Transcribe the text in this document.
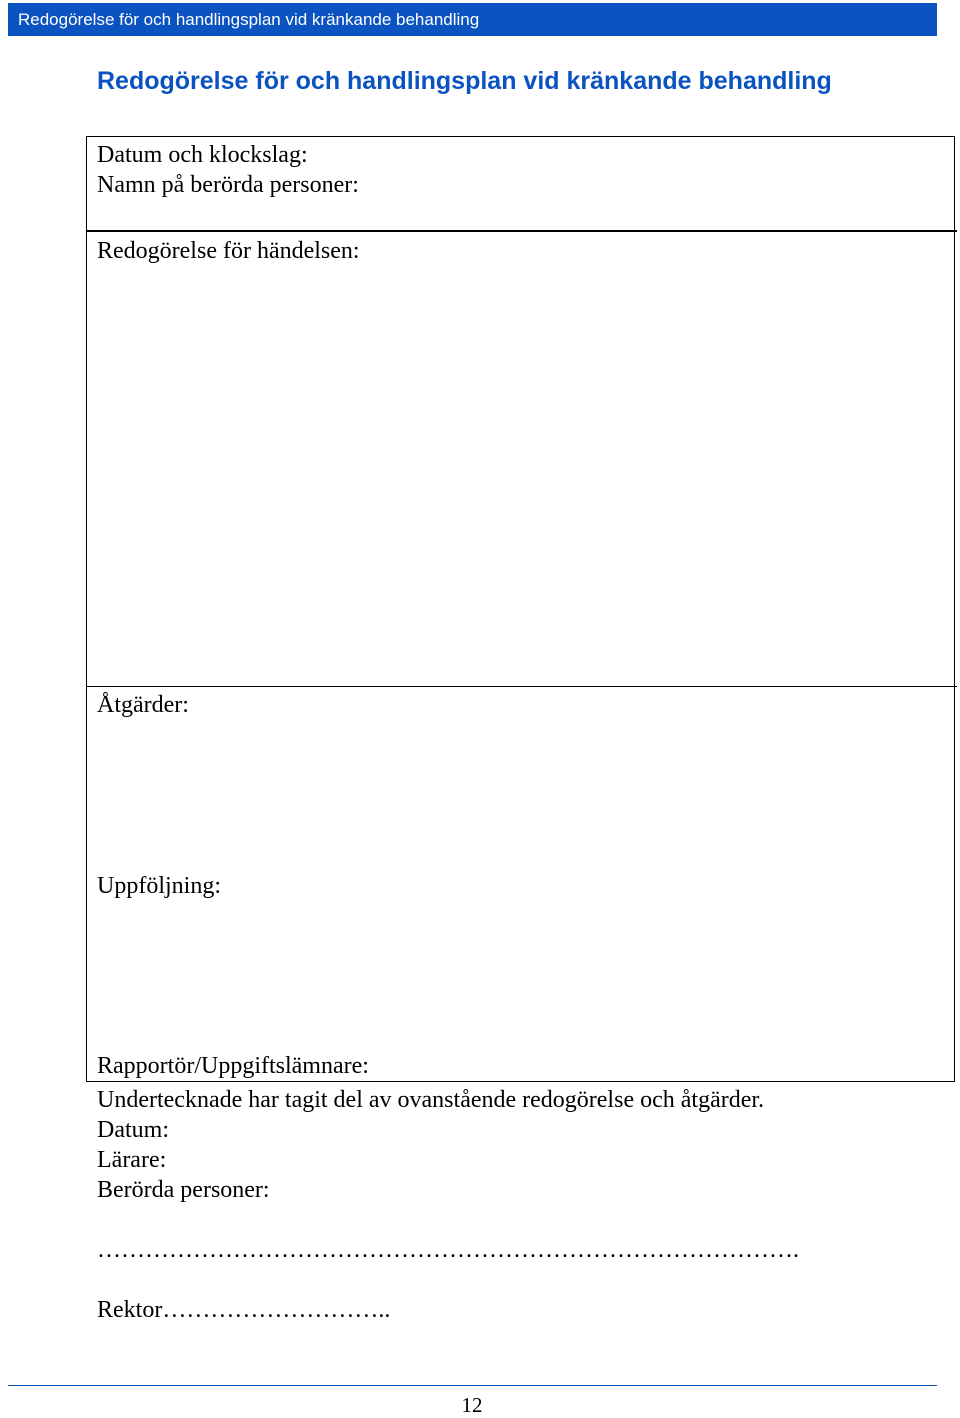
Redogörelse för och handlingsplan vid kränkande behandling
Redogörelse för och handlingsplan vid kränkande behandling
Datum och klockslag:
Namn på berörda personer:
Redogörelse för händelsen:
Åtgärder:
Uppföljning:
Rapportör/Uppgiftslämnare:
Undertecknade har tagit del av ovanstående redogörelse och åtgärder.
Datum:
Lärare:
Berörda personer:
…………………………………………………………………………….
Rektor………………………..
12
